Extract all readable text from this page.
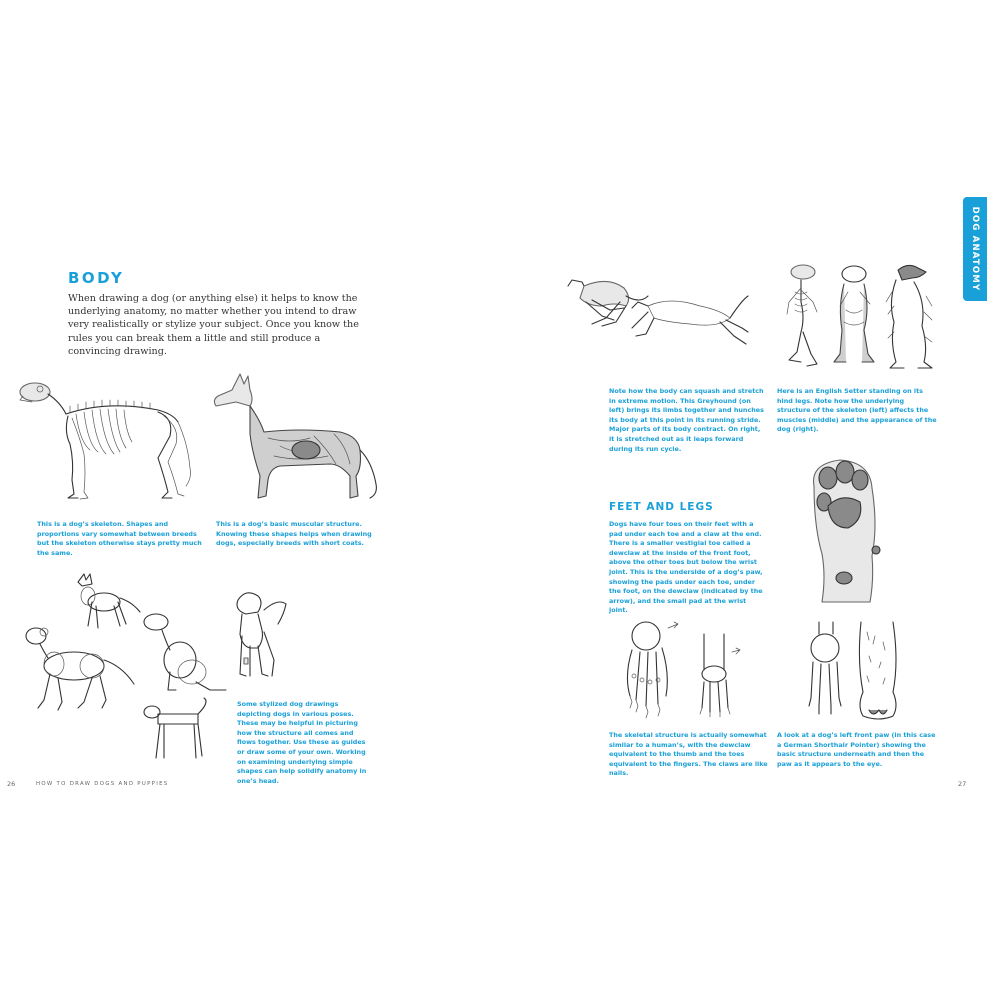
BODY
When drawing a dog (or anything else) it helps to know the underlying anatomy, no matter whether you intend to draw very realistically or stylize your subject. Once you know the rules you can break them a little and still produce a convincing drawing.
This is a dog’s skeleton. Shapes and proportions vary somewhat between breeds but the skeleton otherwise stays pretty much the same.
This is a dog’s basic muscular structure. Knowing these shapes helps when drawing dogs, especially breeds with short coats.
Some stylized dog drawings depicting dogs in various poses. These may be helpful in picturing how the structure all comes and flows together. Use these as guides or draw some of your own. Working on examining underlying simple shapes can help solidify anatomy in one’s head.
26	HOW TO DRAW DOGS AND PUPPIES
DOG ANATOMY
Note how the body can squash and stretch in extreme motion. This Greyhound (on left) brings its limbs together and hunches its body at this point in its running stride. Major parts of its body contract. On right, it is stretched out as it leaps forward during its run cycle.
Here is an English Setter standing on its hind legs. Note how the underlying structure of the skeleton (left) affects the muscles (middle) and the appearance of the dog (right).
FEET AND LEGS
Dogs have four toes on their feet with a pad under each toe and a claw at the end. There is a smaller vestigial toe called a dewclaw at the inside of the front foot, above the other toes but below the wrist joint. This is the underside of a dog’s paw, showing the pads under each toe, under the foot, on the dewclaw (indicated by the arrow), and the small pad at the wrist joint.
The skeletal structure is actually somewhat similar to a human’s, with the dewclaw equivalent to the thumb and the toes equivalent to the fingers. The claws are like nails.
A look at a dog’s left front paw (in this case a German Shorthair Pointer) showing the basic structure underneath and then the paw as it appears to the eye.
27
